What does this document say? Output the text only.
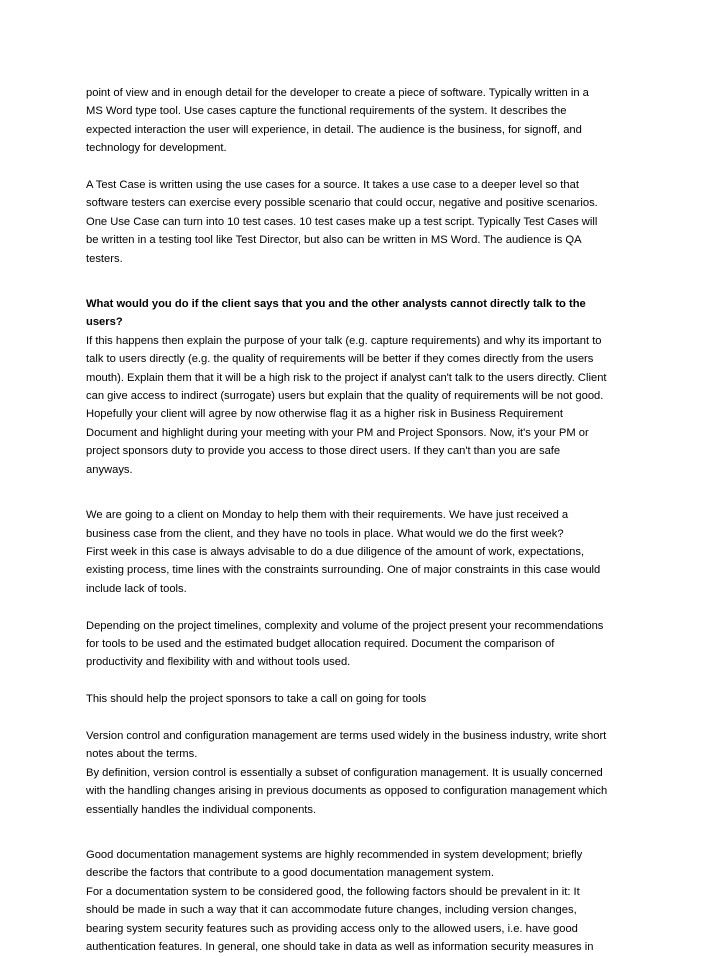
point of view and in enough detail for the developer to create a piece of software. Typically written in a
MS Word type tool. Use cases capture the functional requirements of the system. It describes the
expected interaction the user will experience, in detail. The audience is the business, for signoff, and
technology for development.
A Test Case is written using the use cases for a source. It takes a use case to a deeper level so that
software testers can exercise every possible scenario that could occur, negative and positive scenarios.
One Use Case can turn into 10 test cases. 10 test cases make up a test script. Typically Test Cases will
be written in a testing tool like Test Director, but also can be written in MS Word. The audience is QA
testers.
What would you do if the client says that you and the other analysts cannot directly talk to the
users?
If this happens then explain the purpose of your talk (e.g. capture requirements) and why its important to
talk to users directly (e.g. the quality of requirements will be better if they comes directly from the users
mouth). Explain them that it will be a high risk to the project if analyst can't talk to the users directly. Client
can give access to indirect (surrogate) users but explain that the quality of requirements will be not good.
Hopefully your client will agree by now otherwise flag it as a higher risk in Business Requirement
Document and highlight during your meeting with your PM and Project Sponsors. Now, it's your PM or
project sponsors duty to provide you access to those direct users. If they can't than you are safe
anyways.
We are going to a client on Monday to help them with their requirements. We have just received a
business case from the client, and they have no tools in place. What would we do the first week?
First week in this case is always advisable to do a due diligence of the amount of work, expectations,
existing process, time lines with the constraints surrounding. One of major constraints in this case would
include lack of tools.
Depending on the project timelines, complexity and volume of the project present your recommendations
for tools to be used and the estimated budget allocation required. Document the comparison of
productivity and flexibility with and without tools used.
This should help the project sponsors to take a call on going for tools
Version control and configuration management are terms used widely in the business industry, write short
notes about the terms.
By definition, version control is essentially a subset of configuration management. It is usually concerned
with the handling changes arising in previous documents as opposed to configuration management which
essentially handles the individual components.
Good documentation management systems are highly recommended in system development; briefly
describe the factors that contribute to a good documentation management system.
For a documentation system to be considered good, the following factors should be prevalent in it: It
should be made in such a way that it can accommodate future changes, including version changes,
bearing system security features such as providing access only to the allowed users, i.e. have good
authentication features. In general, one should take in data as well as information security measures in
